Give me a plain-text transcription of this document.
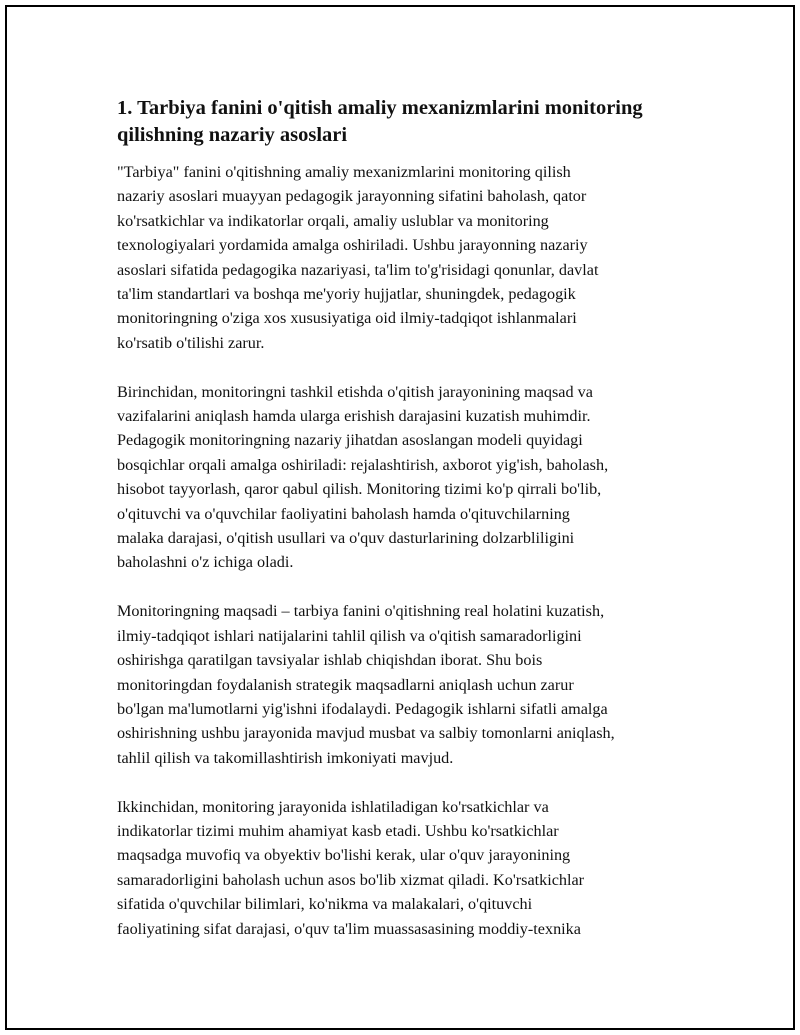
1. Tarbiya fanini o'qitish amaliy mexanizmlarini monitoring
qilishning nazariy asoslari

"Tarbiya" fanini o'qitishning amaliy mexanizmlarini monitoring qilish
nazariy asoslari muayyan pedagogik jarayonning sifatini baholash, qator
ko'rsatkichlar va indikatorlar orqali, amaliy uslublar va monitoring
texnologiyalari yordamida amalga oshiriladi. Ushbu jarayonning nazariy
asoslari sifatida pedagogika nazariyasi, ta'lim to'g'risidagi qonunlar, davlat
ta'lim standartlari va boshqa me'yoriy hujjatlar, shuningdek, pedagogik
monitoringning o'ziga xos xususiyatiga oid ilmiy-tadqiqot ishlanmalari
ko'rsatib o'tilishi zarur.

Birinchidan, monitoringni tashkil etishda o'qitish jarayonining maqsad va
vazifalarini aniqlash hamda ularga erishish darajasini kuzatish muhimdir.
Pedagogik monitoringning nazariy jihatdan asoslangan modeli quyidagi
bosqichlar orqali amalga oshiriladi: rejalashtirish, axborot yig'ish, baholash,
hisobot tayyorlash, qaror qabul qilish. Monitoring tizimi ko'p qirrali bo'lib,
o'qituvchi va o'quvchilar faoliyatini baholash hamda o'qituvchilarning
malaka darajasi, o'qitish usullari va o'quv dasturlarining dolzarbliligini
baholashni o'z ichiga oladi.

Monitoringning maqsadi – tarbiya fanini o'qitishning real holatini kuzatish,
ilmiy-tadqiqot ishlari natijalarini tahlil qilish va o'qitish samaradorligini
oshirishga qaratilgan tavsiyalar ishlab chiqishdan iborat. Shu bois
monitoringdan foydalanish strategik maqsadlarni aniqlash uchun zarur
bo'lgan ma'lumotlarni yig'ishni ifodalaydi. Pedagogik ishlarni sifatli amalga
oshirishning ushbu jarayonida mavjud musbat va salbiy tomonlarni aniqlash,
tahlil qilish va takomillashtirish imkoniyati mavjud.

Ikkinchidan, monitoring jarayonida ishlatiladigan ko'rsatkichlar va
indikatorlar tizimi muhim ahamiyat kasb etadi. Ushbu ko'rsatkichlar
maqsadga muvofiq va obyektiv bo'lishi kerak, ular o'quv jarayonining
samaradorligini baholash uchun asos bo'lib xizmat qiladi. Ko'rsatkichlar
sifatida o'quvchilar bilimlari, ko'nikma va malakalari, o'qituvchi
faoliyatining sifat darajasi, o'quv ta'lim muassasasining moddiy-texnika
